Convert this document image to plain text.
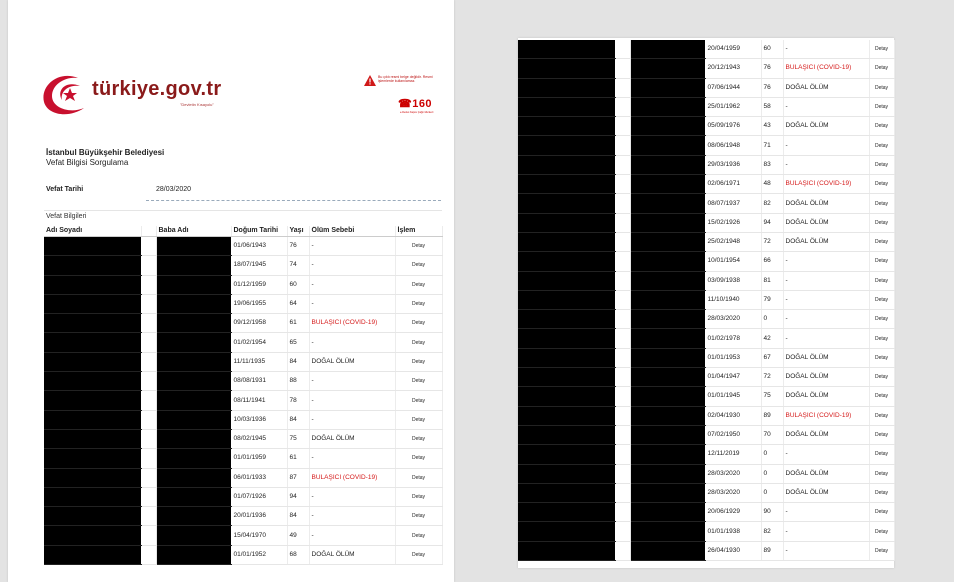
türkiye.gov.tr
"Devletin Kısayolu"
Bu çıktı resmi belge değildir. Resmi işlemlerde kullanılamaz.
☎160
e-Devlet Kapısı Çağrı Merkezi
İstanbul Büyükşehir Belediyesi
Vefat Bilgisi Sorgulama
Vefat Tarihi	28/03/2020
Vefat Bilgileri
Adı Soyadı		Baba Adı	Doğum Tarihi	Yaşı	Ölüm Sebebi	İşlem
			01/06/1943	76	-	Detay
			18/07/1945	74	-	Detay
			01/12/1959	60	-	Detay
			19/06/1955	64	-	Detay
			09/12/1958	61	BULAŞICI (COVID-19)	Detay
			01/02/1954	65	-	Detay
			11/11/1935	84	DOĞAL ÖLÜM	Detay
			08/08/1931	88	-	Detay
			08/11/1941	78	-	Detay
			10/03/1936	84	-	Detay
			08/02/1945	75	DOĞAL ÖLÜM	Detay
			01/01/1959	61	-	Detay
			06/01/1933	87	BULAŞICI (COVID-19)	Detay
			01/07/1926	94	-	Detay
			20/01/1936	84	-	Detay
			15/04/1970	49	-	Detay
			01/01/1952	68	DOĞAL ÖLÜM	Detay
			20/04/1959	60	-	Detay
			20/12/1943	76	BULAŞICI (COVID-19)	Detay
			07/06/1944	76	DOĞAL ÖLÜM	Detay
			25/01/1962	58	-	Detay
			05/09/1976	43	DOĞAL ÖLÜM	Detay
			08/06/1948	71	-	Detay
			29/03/1936	83	-	Detay
			02/06/1971	48	BULAŞICI (COVID-19)	Detay
			08/07/1937	82	DOĞAL ÖLÜM	Detay
			15/02/1926	94	DOĞAL ÖLÜM	Detay
			25/02/1948	72	DOĞAL ÖLÜM	Detay
			10/01/1954	66	-	Detay
			03/09/1938	81	-	Detay
			11/10/1940	79	-	Detay
			28/03/2020	0	-	Detay
			01/02/1978	42	-	Detay
			01/01/1953	67	DOĞAL ÖLÜM	Detay
			01/04/1947	72	DOĞAL ÖLÜM	Detay
			01/01/1945	75	DOĞAL ÖLÜM	Detay
			02/04/1930	89	BULAŞICI (COVID-19)	Detay
			07/02/1950	70	DOĞAL ÖLÜM	Detay
			12/11/2019	0	-	Detay
			28/03/2020	0	DOĞAL ÖLÜM	Detay
			28/03/2020	0	DOĞAL ÖLÜM	Detay
			20/06/1929	90	-	Detay
			01/01/1938	82	-	Detay
			26/04/1930	89	-	Detay
